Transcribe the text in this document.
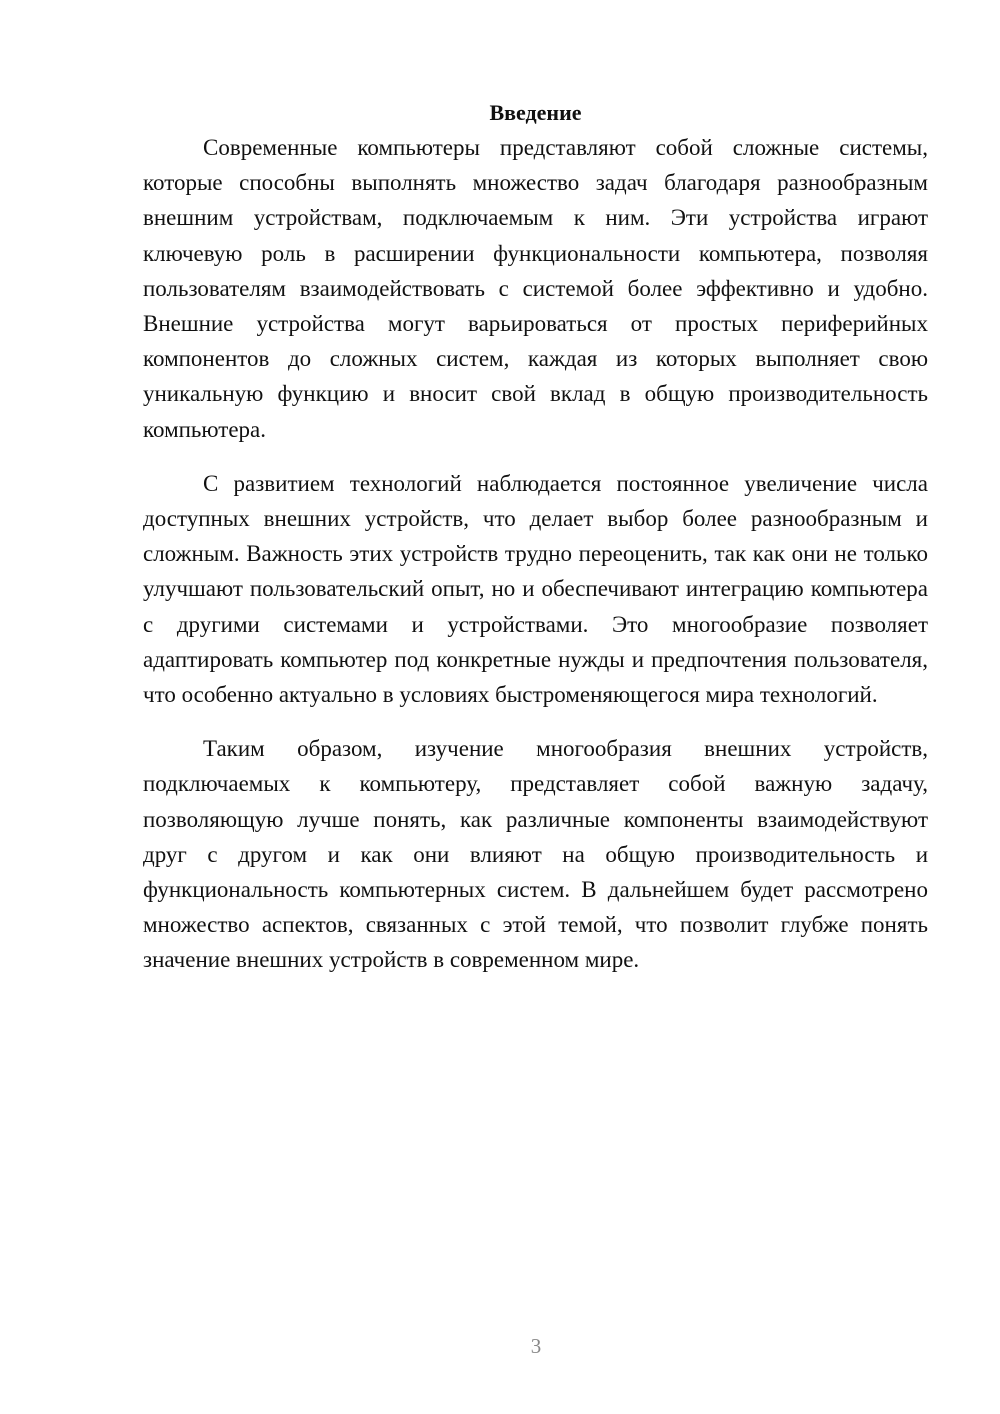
Введение

Современные компьютеры представляют собой сложные системы, которые способны выполнять множество задач благодаря разнообразным внешним устройствам, подключаемым к ним. Эти устройства играют ключевую роль в расширении функциональности компьютера, позволяя пользователям взаимодействовать с системой более эффективно и удобно. Внешние устройства могут варьироваться от простых периферийных компонентов до сложных систем, каждая из которых выполняет свою уникальную функцию и вносит свой вклад в общую производительность компьютера.

С развитием технологий наблюдается постоянное увеличение числа доступных внешних устройств, что делает выбор более разнообразным и сложным. Важность этих устройств трудно переоценить, так как они не только улучшают пользовательский опыт, но и обеспечивают интеграцию компьютера с другими системами и устройствами. Это многообразие позволяет адаптировать компьютер под конкретные нужды и предпочтения пользователя, что особенно актуально в условиях быстроменяющегося мира технологий.

Таким образом, изучение многообразия внешних устройств, подключаемых к компьютеру, представляет собой важную задачу, позволяющую лучше понять, как различные компоненты взаимодействуют друг с другом и как они влияют на общую производительность и функциональность компьютерных систем. В дальнейшем будет рассмотрено множество аспектов, связанных с этой темой, что позволит глубже понять значение внешних устройств в современном мире.

3
